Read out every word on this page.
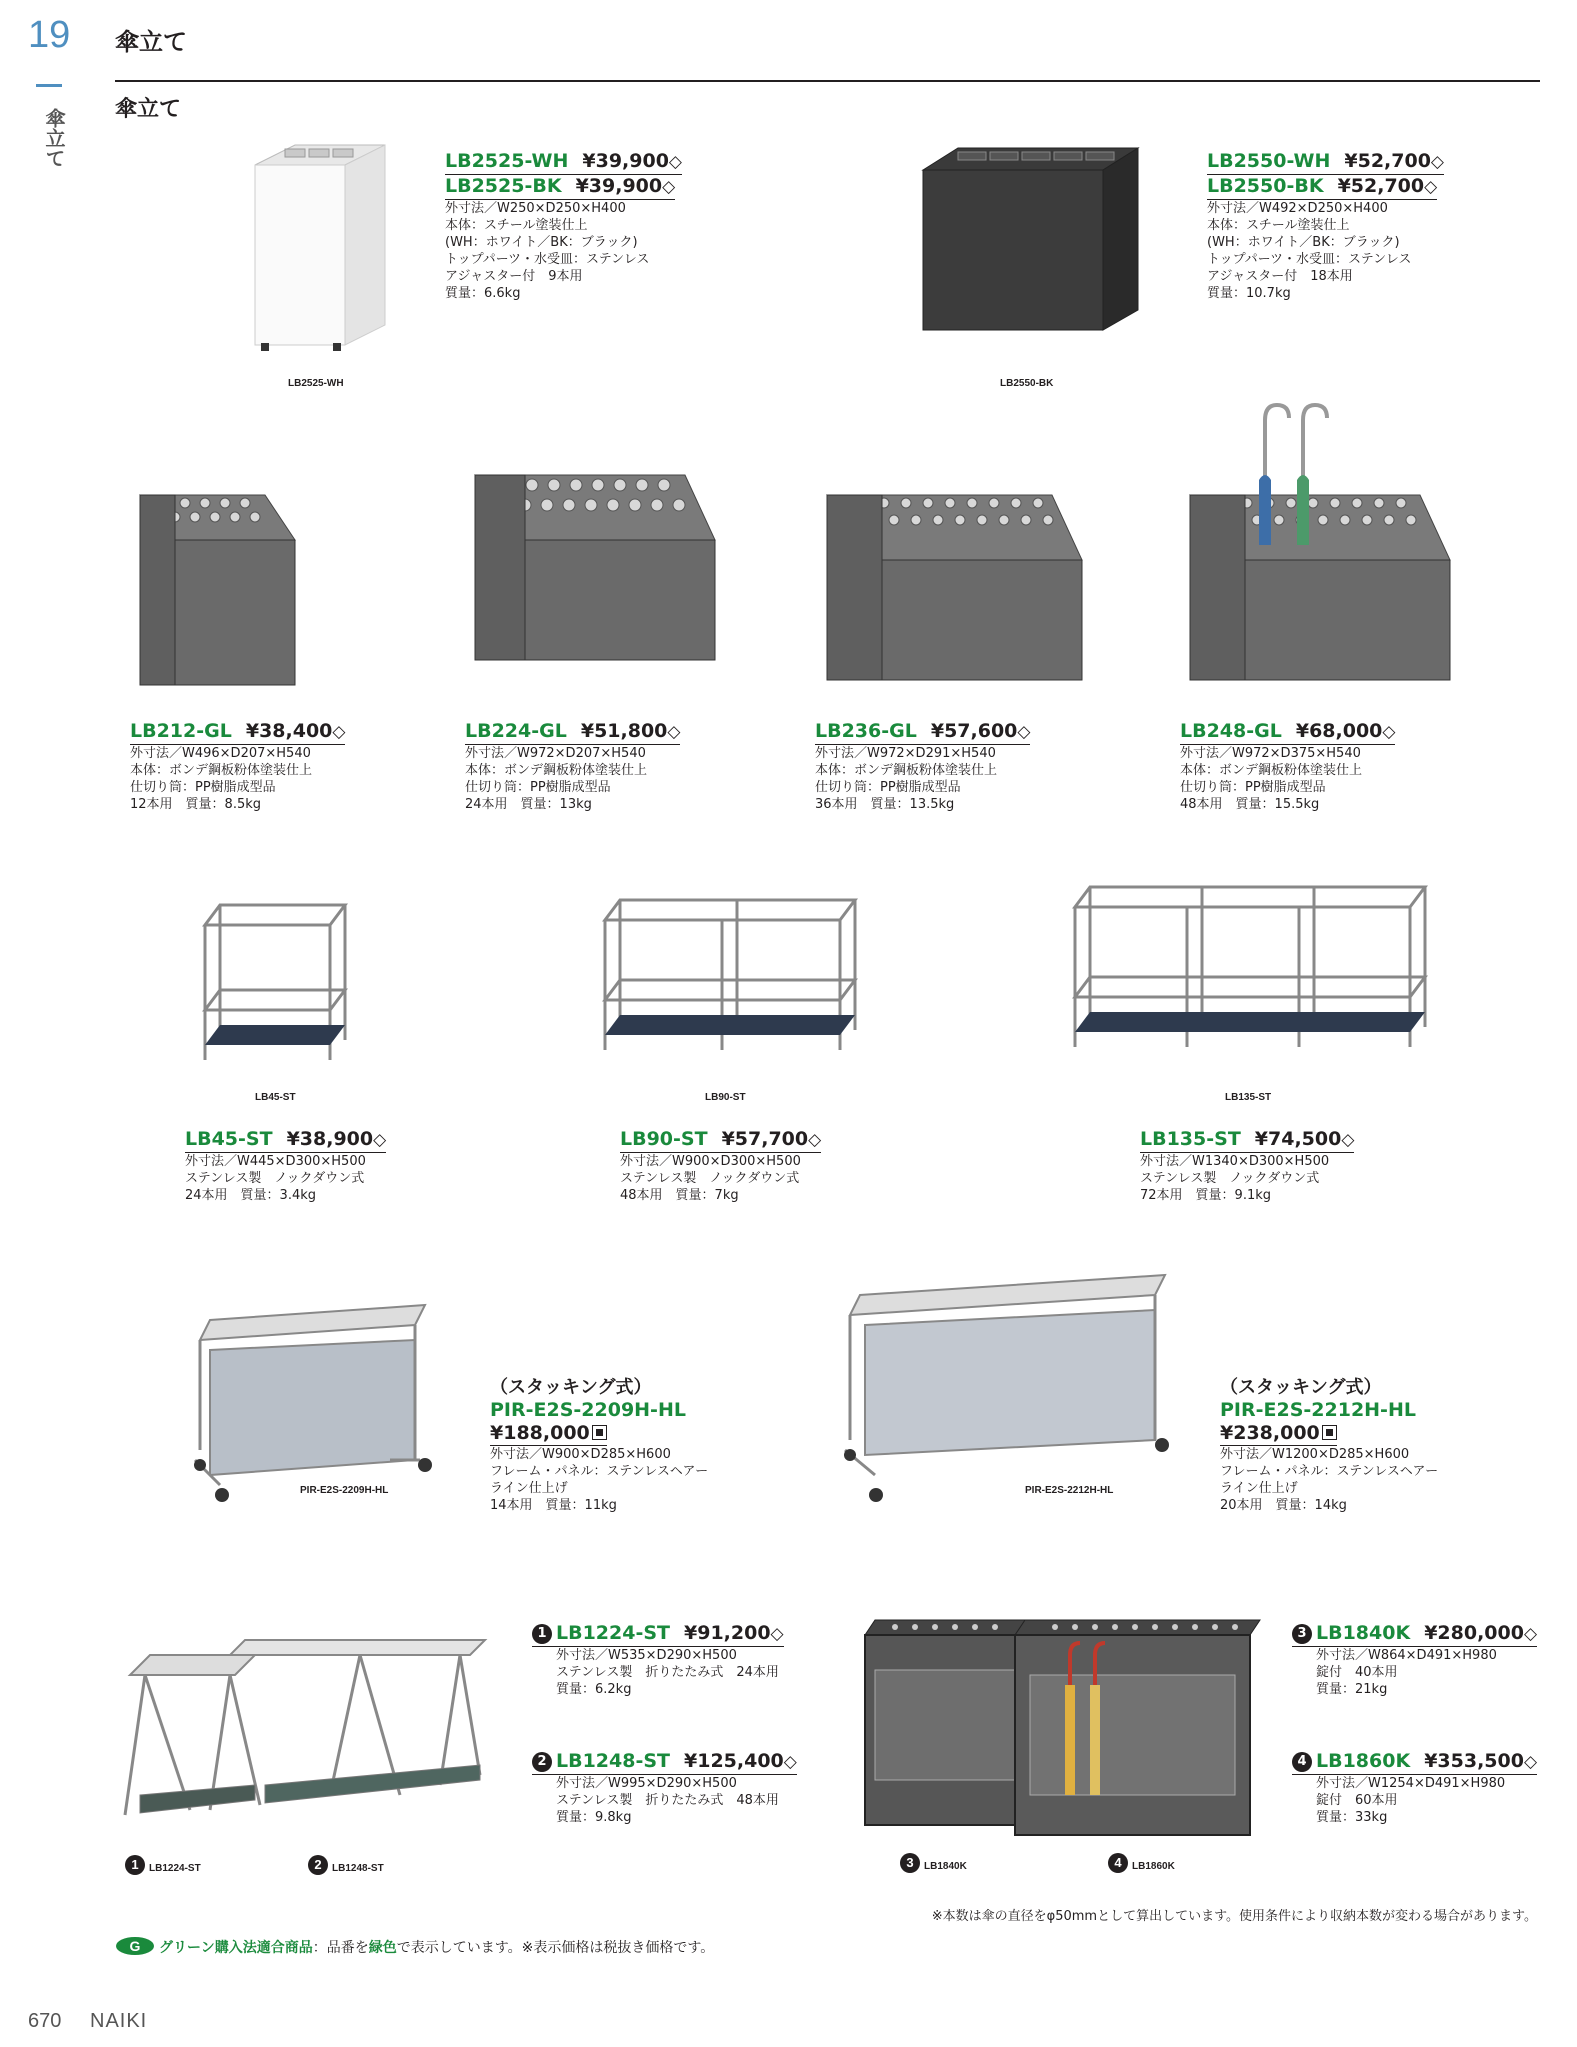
19
傘立て
傘立て
傘立て
LB2525-WH
LB2525-WH ¥39,900◇
LB2525-BK ¥39,900◇
外寸法／W250×D250×H400
本体：スチール塗装仕上
(WH：ホワイト／BK：ブラック)
トップパーツ・水受皿：ステンレス
アジャスター付　9本用
質量：6.6kg
LB2550-BK
LB2550-WH ¥52,700◇
LB2550-BK ¥52,700◇
外寸法／W492×D250×H400
本体：スチール塗装仕上
(WH：ホワイト／BK：ブラック)
トップパーツ・水受皿：ステンレス
アジャスター付　18本用
質量：10.7kg
LB212-GL ¥38,400◇
外寸法／W496×D207×H540
本体：ボンデ鋼板粉体塗装仕上
仕切り筒：PP樹脂成型品
12本用　質量：8.5kg
LB224-GL ¥51,800◇
外寸法／W972×D207×H540
本体：ボンデ鋼板粉体塗装仕上
仕切り筒：PP樹脂成型品
24本用　質量：13kg
LB236-GL ¥57,600◇
外寸法／W972×D291×H540
本体：ボンデ鋼板粉体塗装仕上
仕切り筒：PP樹脂成型品
36本用　質量：13.5kg
LB248-GL ¥68,000◇
外寸法／W972×D375×H540
本体：ボンデ鋼板粉体塗装仕上
仕切り筒：PP樹脂成型品
48本用　質量：15.5kg
LB45-ST	LB90-ST	LB135-ST
LB45-ST ¥38,900◇
外寸法／W445×D300×H500
ステンレス製　ノックダウン式
24本用　質量：3.4kg
LB90-ST ¥57,700◇
外寸法／W900×D300×H500
ステンレス製　ノックダウン式
48本用　質量：7kg
LB135-ST ¥74,500◇
外寸法／W1340×D300×H500
ステンレス製　ノックダウン式
72本用　質量：9.1kg
PIR-E2S-2209H-HL
（スタッキング式）
PIR-E2S-2209H-HL
¥188,000
外寸法／W900×D285×H600
フレーム・パネル：ステンレスヘアー
ライン仕上げ
14本用　質量：11kg
PIR-E2S-2212H-HL
（スタッキング式）
PIR-E2S-2212H-HL
¥238,000
外寸法／W1200×D285×H600
フレーム・パネル：ステンレスヘアー
ライン仕上げ
20本用　質量：14kg
1 LB1224-ST	2 LB1248-ST
1 LB1224-ST ¥91,200◇
外寸法／W535×D290×H500
ステンレス製　折りたたみ式　24本用
質量：6.2kg
2 LB1248-ST ¥125,400◇
外寸法／W995×D290×H500
ステンレス製　折りたたみ式　48本用
質量：9.8kg
3 LB1840K	4 LB1860K
3 LB1840K ¥280,000◇
外寸法／W864×D491×H980
錠付　40本用
質量：21kg
4 LB1860K ¥353,500◇
外寸法／W1254×D491×H980
錠付　60本用
質量：33kg
※本数は傘の直径をφ50mmとして算出しています。使用条件により収納本数が変わる場合があります。
G グリーン購入法適合商品：品番を緑色で表示しています。※表示価格は税抜き価格です。
670 NAIKI
